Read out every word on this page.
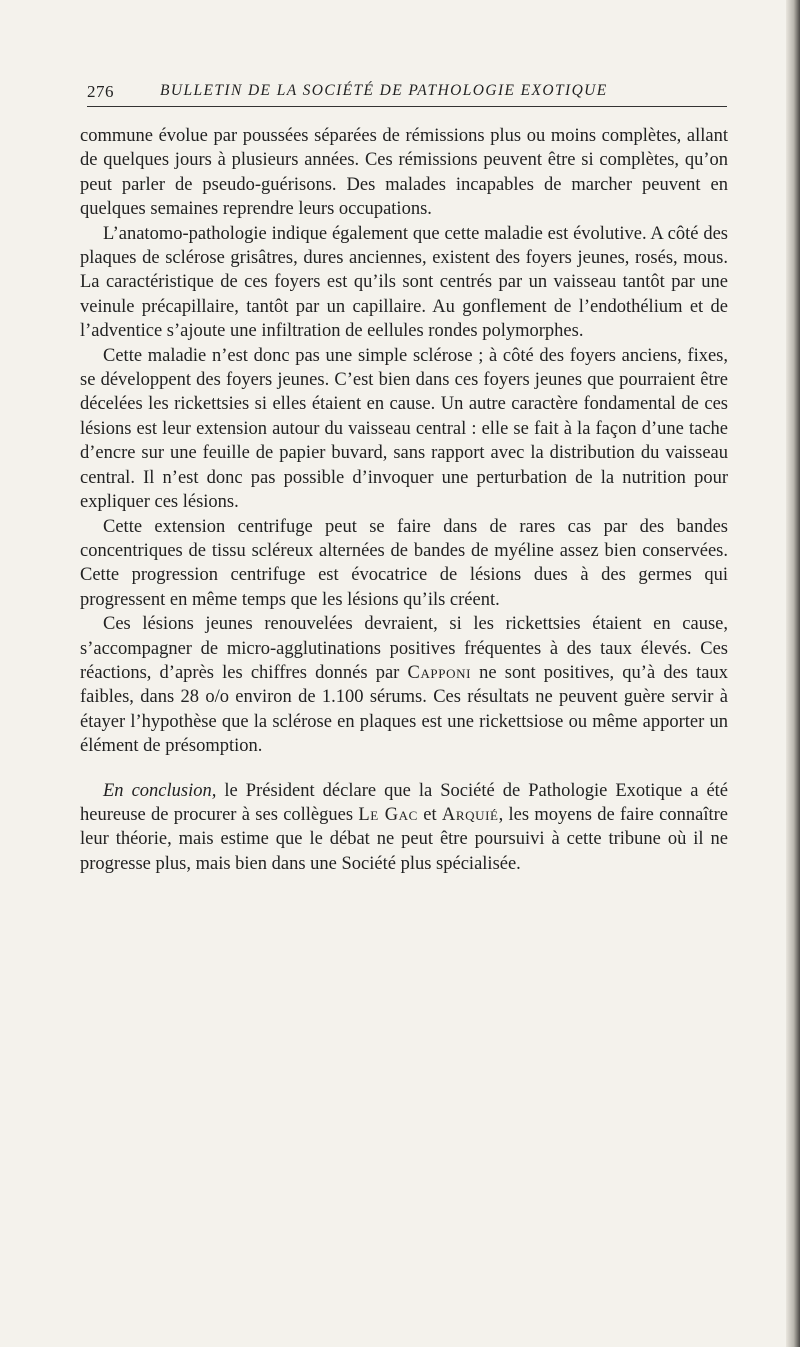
276	BULLETIN DE LA SOCIÉTÉ DE PATHOLOGIE EXOTIQUE

commune évolue par poussées séparées de rémissions plus ou moins complètes, allant de quelques jours à plusieurs années. Ces rémissions peuvent être si complètes, qu’on peut parler de pseudo-guérisons. Des malades incapables de marcher peuvent en quelques semaines reprendre leurs occupations.

L’anatomo-pathologie indique également que cette maladie est évolutive. A côté des plaques de sclérose grisâtres, dures anciennes, existent des foyers jeunes, rosés, mous. La caractéristique de ces foyers est qu’ils sont centrés par un vaisseau tantôt par une veinule précapillaire, tantôt par un capillaire. Au gonflement de l’endothélium et de l’adventice s’ajoute une infiltration de eellules rondes polymorphes.

Cette maladie n’est donc pas une simple sclérose ; à côté des foyers anciens, fixes, se développent des foyers jeunes. C’est bien dans ces foyers jeunes que pourraient être décelées les rickettsies si elles étaient en cause. Un autre caractère fondamental de ces lésions est leur extension autour du vaisseau central : elle se fait à la façon d’une tache d’encre sur une feuille de papier buvard, sans rapport avec la distribution du vaisseau central. Il n’est donc pas possible d’invoquer une perturbation de la nutrition pour expliquer ces lésions.

Cette extension centrifuge peut se faire dans de rares cas par des bandes concentriques de tissu scléreux alternées de bandes de myéline assez bien conservées. Cette progression centrifuge est évocatrice de lésions dues à des germes qui progressent en même temps que les lésions qu’ils créent.

Ces lésions jeunes renouvelées devraient, si les rickettsies étaient en cause, s’accompagner de micro-agglutinations positives fréquentes à des taux élevés. Ces réactions, d’après les chiffres donnés par Capponi ne sont positives, qu’à des taux faibles, dans 28 o/o environ de 1.100 sérums. Ces résultats ne peuvent guère servir à étayer l’hypothèse que la sclérose en plaques est une rickettsiose ou même apporter un élément de présomption.

En conclusion, le Président déclare que la Société de Pathologie Exotique a été heureuse de procurer à ses collègues Le Gac et Arquié, les moyens de faire connaître leur théorie, mais estime que le débat ne peut être poursuivi à cette tribune où il ne progresse plus, mais bien dans une Société plus spécialisée.
